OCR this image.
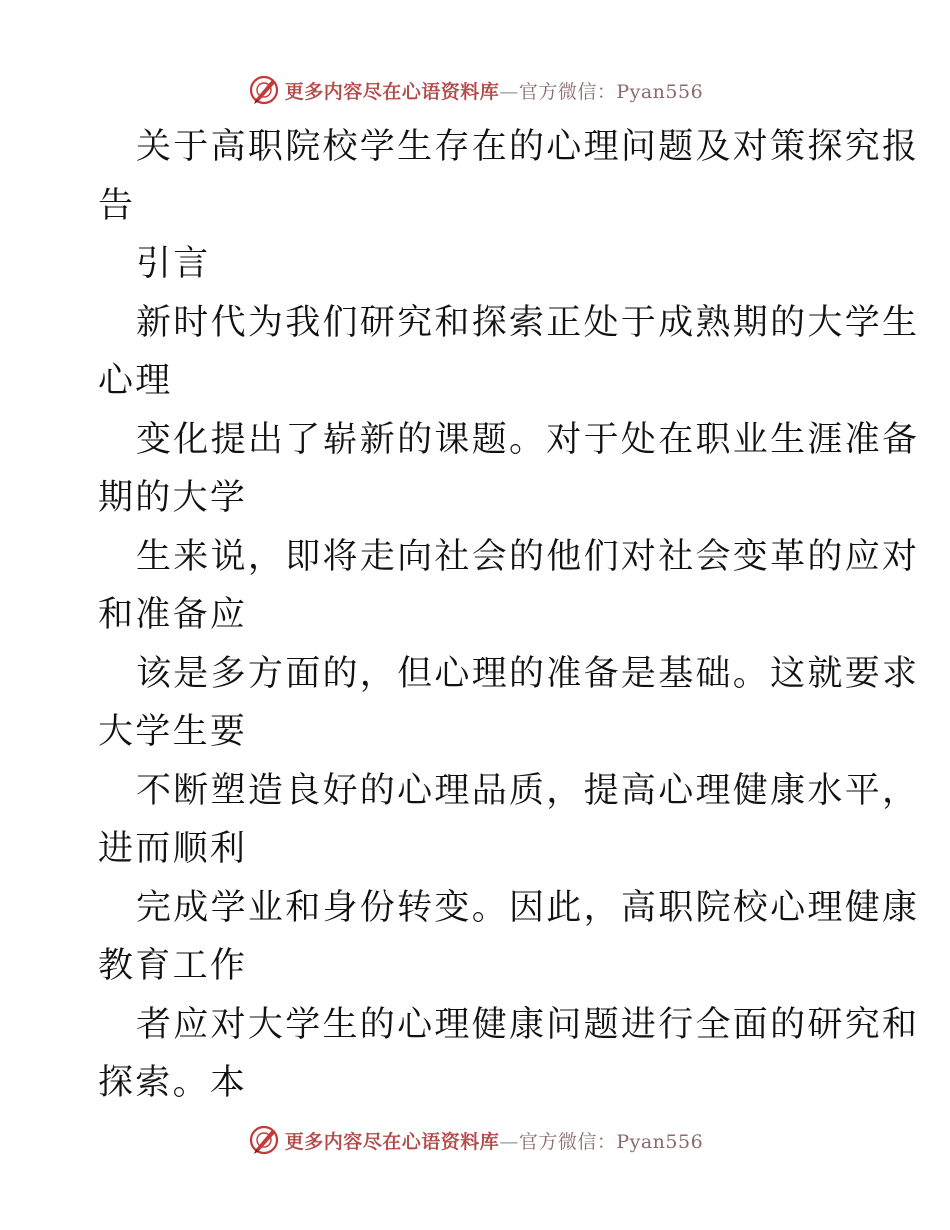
更多内容尽在心语资料库—官方微信：Pyan556
关于高职院校学生存在的心理问题及对策探究报
告
引言
新时代为我们研究和探索正处于成熟期的大学生
心理
变化提出了崭新的课题。对于处在职业生涯准备
期的大学
生来说，即将走向社会的他们对社会变革的应对
和准备应
该是多方面的，但心理的准备是基础。这就要求
大学生要
不断塑造良好的心理品质，提高心理健康水平，
进而顺利
完成学业和身份转变。因此，高职院校心理健康
教育工作
者应对大学生的心理健康问题进行全面的研究和
探索。本
更多内容尽在心语资料库—官方微信：Pyan556
